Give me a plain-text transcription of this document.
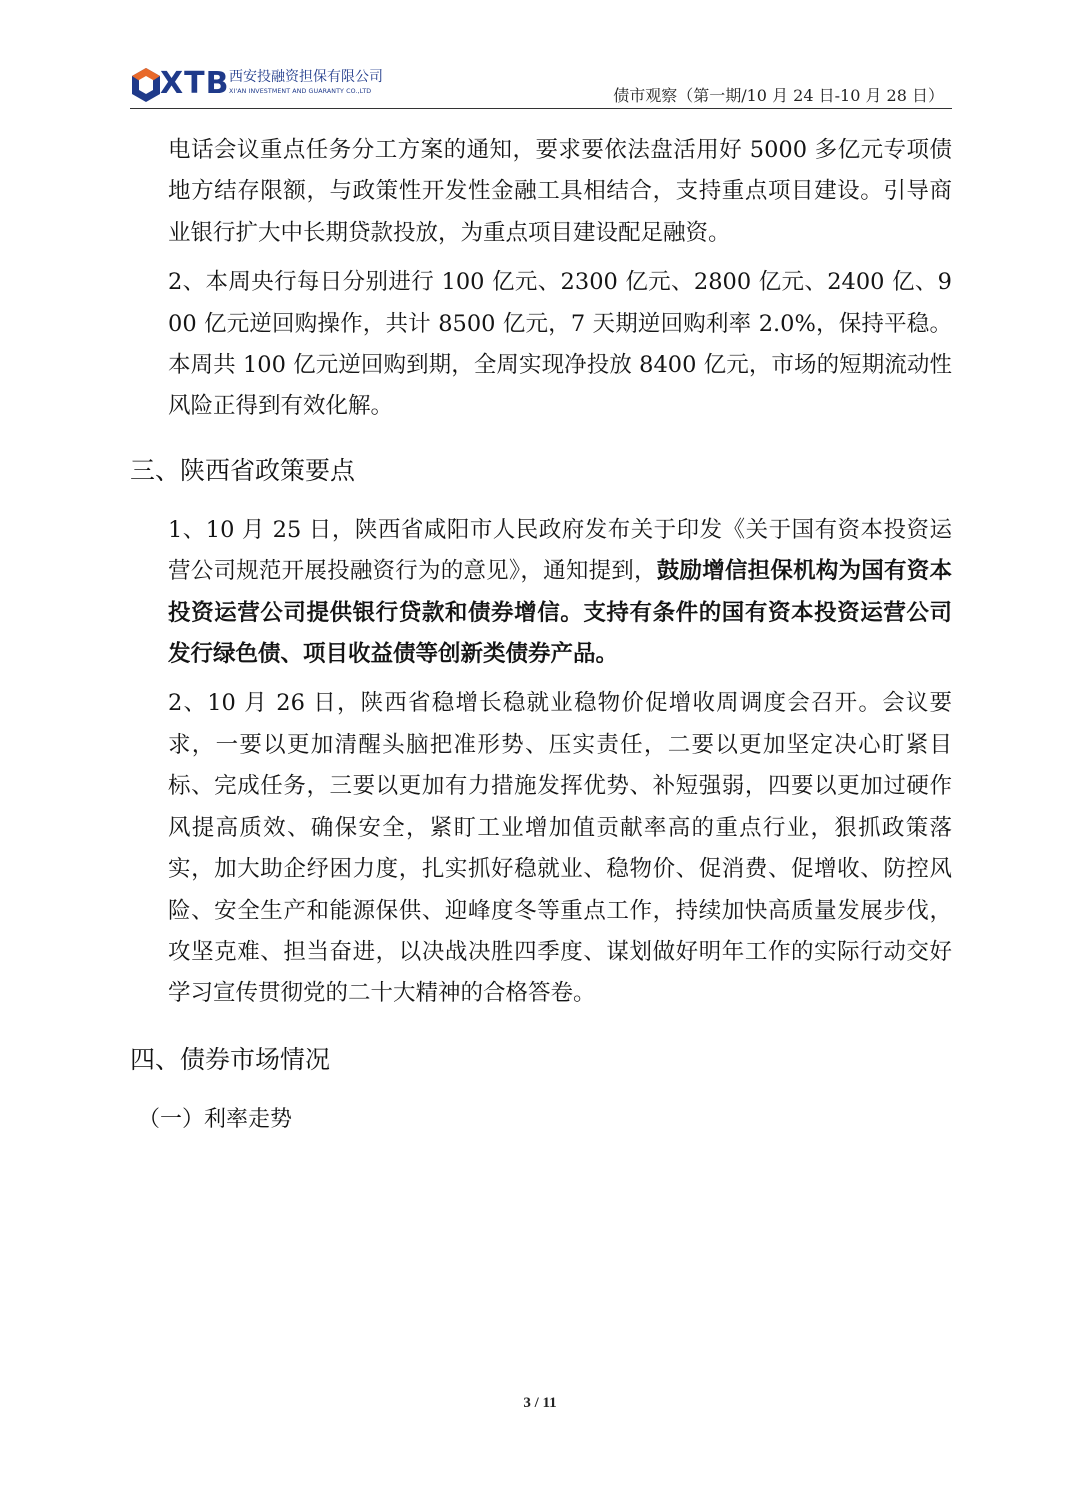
XTB 西安投融资担保有限公司
XI'AN INVESTMENT AND GUARANTY CO.,LTD	债市观察（第一期/10 月 24 日-10 月 28 日）

电话会议重点任务分工方案的通知，要求要依法盘活用好 5000 多亿元专项债地方结存限额，与政策性开发性金融工具相结合，支持重点项目建设。引导商业银行扩大中长期贷款投放，为重点项目建设配足融资。

2、本周央行每日分别进行 100 亿元、2300 亿元、2800 亿元、2400 亿、900 亿元逆回购操作，共计 8500 亿元，7 天期逆回购利率 2.0%，保持平稳。本周共 100 亿元逆回购到期，全周实现净投放 8400 亿元，市场的短期流动性风险正得到有效化解。

三、陕西省政策要点

1、10 月 25 日，陕西省咸阳市人民政府发布关于印发《关于国有资本投资运营公司规范开展投融资行为的意见》，通知提到，鼓励增信担保机构为国有资本投资运营公司提供银行贷款和债券增信。支持有条件的国有资本投资运营公司发行绿色债、项目收益债等创新类债券产品。

2、10 月 26 日，陕西省稳增长稳就业稳物价促增收周调度会召开。会议要求，一要以更加清醒头脑把准形势、压实责任，二要以更加坚定决心盯紧目标、完成任务，三要以更加有力措施发挥优势、补短强弱，四要以更加过硬作风提高质效、确保安全，紧盯工业增加值贡献率高的重点行业，狠抓政策落实，加大助企纾困力度，扎实抓好稳就业、稳物价、促消费、促增收、防控风险、安全生产和能源保供、迎峰度冬等重点工作，持续加快高质量发展步伐，攻坚克难、担当奋进，以决战决胜四季度、谋划做好明年工作的实际行动交好学习宣传贯彻党的二十大精神的合格答卷。

四、债券市场情况
（一）利率走势
3 / 11
